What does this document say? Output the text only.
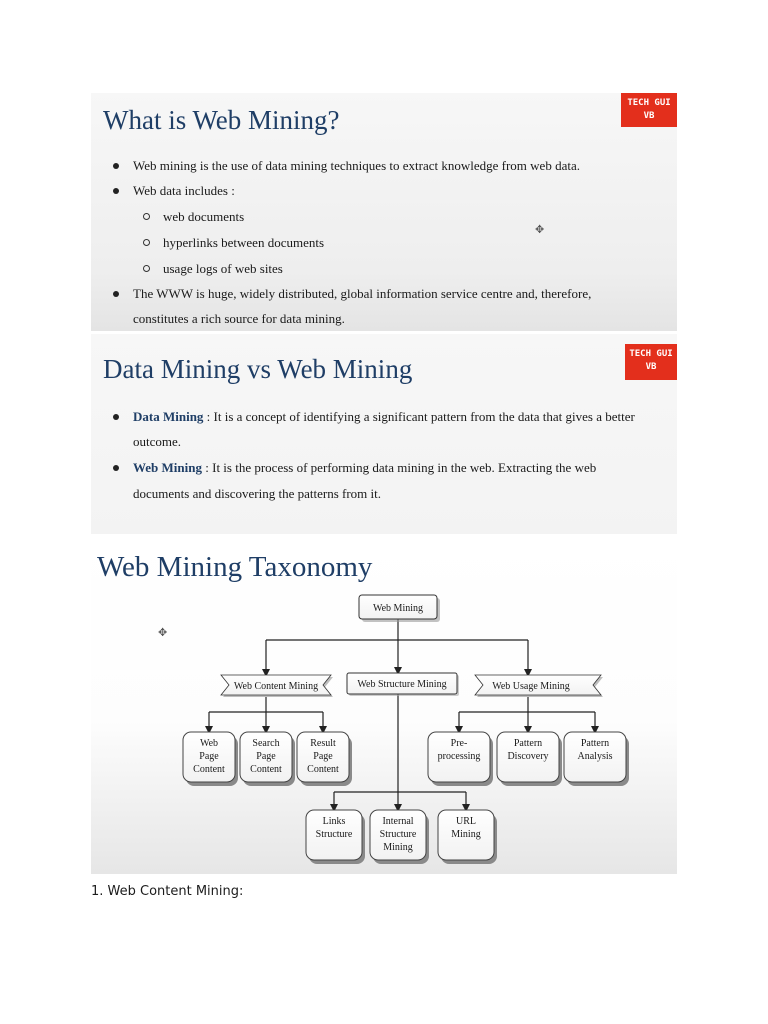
What is Web Mining?
TECH GUI
VB
Web mining is the use of data mining techniques to extract knowledge from web data.
Web data includes :
web documents
hyperlinks between documents
usage logs of web sites
The WWW is huge, widely distributed, global information service centre and, therefore,
constitutes a rich source for data mining.
✥
Data Mining vs Web Mining	TECH GUI
VB
Data Mining : It is a concept of identifying a significant pattern from the data that gives a better
outcome.
Web Mining : It is the process of performing data mining in the web. Extracting the web
documents and discovering the patterns from it.
Web Mining Taxonomy
✥
Web Mining
Web Content Mining	Web Structure Mining	Web Usage Mining
Web
Page
Content
Search
Page
Content
Result
Page
Content
Pre-
processing
Pattern
Discovery
Pattern
Analysis
Links
Structure
Internal
Structure
Mining
URL
Mining
1. Web Content Mining:
